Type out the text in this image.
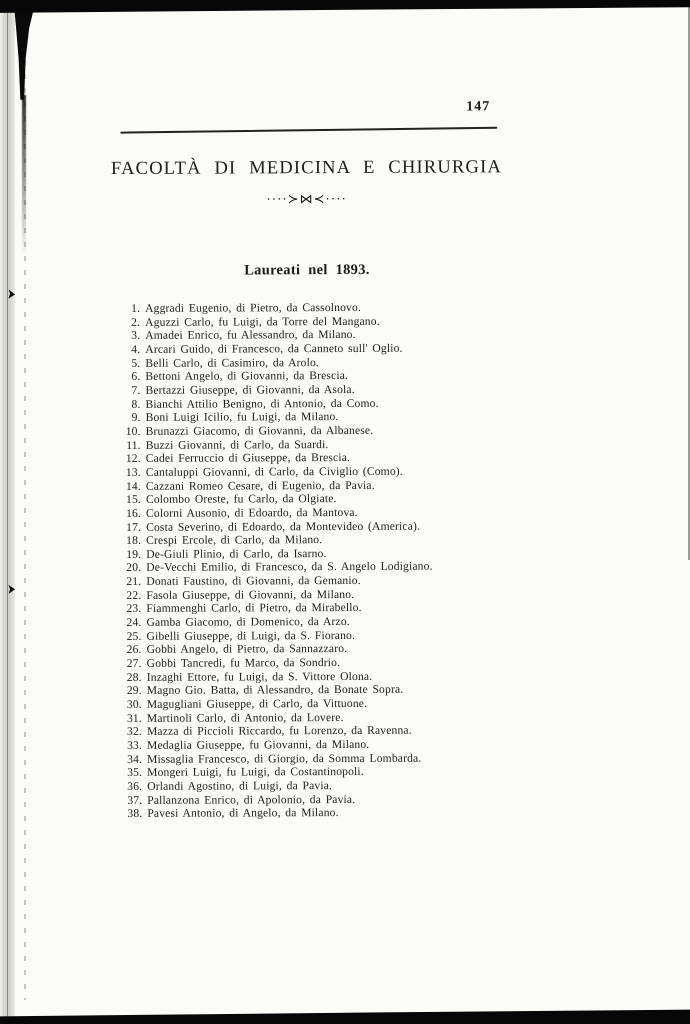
147
FACOLTÀ DI MEDICINA E CHIRURGIA
····≻⋈≺····
Laureati nel 1893.
1. Aggradi Eugenio, di Pietro, da Cassolnovo.
2. Aguzzi Carlo, fu Luigi, da Torre del Mangano.
3. Amadei Enrico, fu Alessandro, da Milano.
4. Arcari Guido, di Francesco, da Canneto sull' Oglio.
5. Belli Carlo, di Casimiro, da Arolo.
6. Bettoni Angelo, di Giovanni, da Brescia.
7. Bertazzi Giuseppe, di Giovanni, da Asola.
8. Bianchi Attilio Benigno, di Antonio, da Como.
9. Boni Luigi Icilio, fu Luigi, da Milano.
10. Brunazzi Giacomo, di Giovanni, da Albanese.
11. Buzzi Giovanni, di Carlo, da Suardi.
12. Cadei Ferruccio di Giuseppe, da Brescia.
13. Cantaluppi Giovanni, di Carlo, da Civiglio (Como).
14. Cazzani Romeo Cesare, di Eugenio, da Pavia.
15. Colombo Oreste, fu Carlo, da Olgiate.
16. Colorni Ausonio, di Edoardo, da Mantova.
17. Costa Severino, di Edoardo, da Montevideo (America).
18. Crespi Ercole, di Carlo, da Milano.
19. De-Giuli Plinio, di Carlo, da Isarno.
20. De-Vecchi Emilio, di Francesco, da S. Angelo Lodigiano.
21. Donati Faustino, di Giovanni, da Gemanio.
22. Fasola Giuseppe, di Giovanni, da Milano.
23. Fiammenghi Carlo, di Pietro, da Mirabello.
24. Gamba Giacomo, di Domenico, da Arzo.
25. Gibelli Giuseppe, di Luigi, da S. Fiorano.
26. Gobbi Angelo, di Pietro, da Sannazzaro.
27. Gobbi Tancredi, fu Marco, da Sondrio.
28. Inzaghi Ettore, fu Luigi, da S. Vittore Olona.
29. Magno Gio. Batta, di Alessandro, da Bonate Sopra.
30. Magugliani Giuseppe, di Carlo, da Vittuone.
31. Martinoli Carlo, di Antonio, da Lovere.
32. Mazza di Piccioli Riccardo, fu Lorenzo, da Ravenna.
33. Medaglia Giuseppe, fu Giovanni, da Milano.
34. Missaglia Francesco, di Giorgio, da Somma Lombarda.
35. Mongeri Luigi, fu Luigi, da Costantinopoli.
36. Orlandi Agostino, di Luigi, da Pavia.
37. Pallanzona Enrico, di Apolonio, da Pavia.
38. Pavesi Antonio, di Angelo, da Milano.
